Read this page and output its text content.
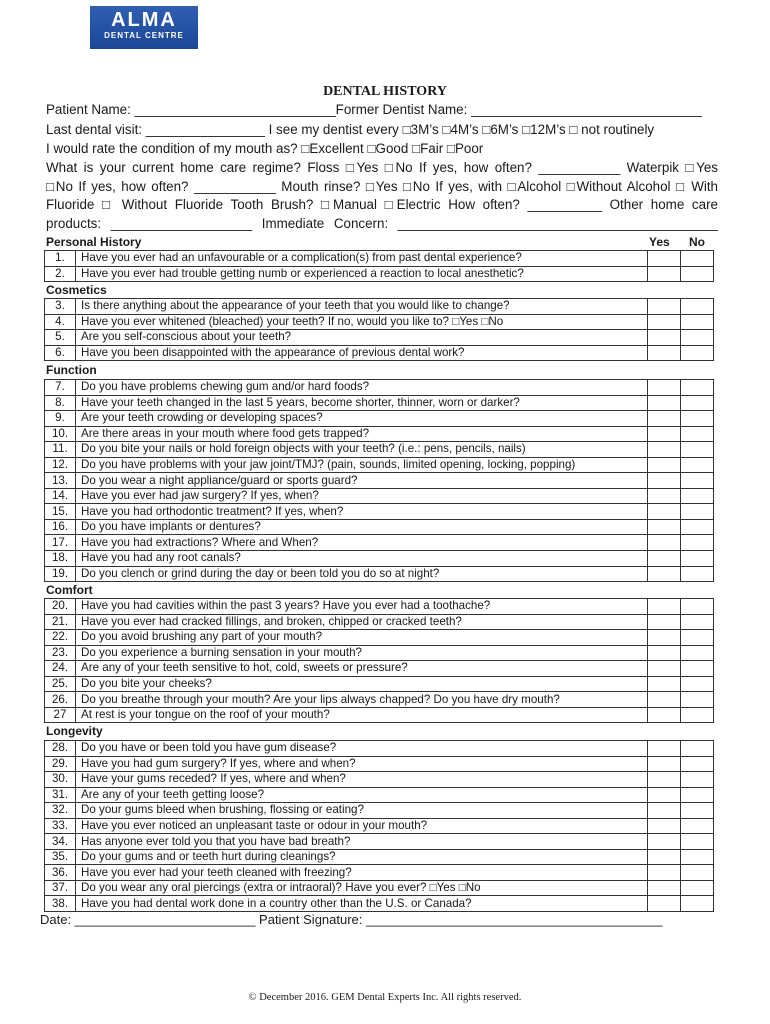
ALMA
DENTAL CENTRE
DENTAL HISTORY
Patient Name: ___________________________Former Dentist Name: _______________________________
Last dental visit: ________________ I see my dentist every □3M’s □4M’s □6M’s □12M’s □ not routinely
I would rate the condition of my mouth as? □Excellent □Good □Fair □Poor
What is your current home care regime? Floss □Yes □No If yes, how often? ___________ Waterpik □Yes
□No If yes, how often? ___________ Mouth rinse? □Yes □No If yes, with □Alcohol □Without Alcohol □ With
Fluoride □ Without Fluoride Tooth Brush? □Manual □Electric How often? __________ Other home care
products: ___________________ Immediate Concern: ___________________________________________
Personal History	Yes No
1.	Have you ever had an unfavourable or a complication(s) from past dental experience?		
2.	Have you ever had trouble getting numb or experienced a reaction to local anesthetic?		
Cosmetics
3.	Is there anything about the appearance of your teeth that you would like to change?		
4.	Have you ever whitened (bleached) your teeth? If no, would you like to? □Yes □No		
5.	Are you self-conscious about your teeth?		
6.	Have you been disappointed with the appearance of previous dental work?		
Function
7.	Do you have problems chewing gum and/or hard foods?		
8.	Have your teeth changed in the last 5 years, become shorter, thinner, worn or darker?		
9.	Are your teeth crowding or developing spaces?		
10.	Are there areas in your mouth where food gets trapped?		
11.	Do you bite your nails or hold foreign objects with your teeth? (i.e.: pens, pencils, nails)		
12.	Do you have problems with your jaw joint/TMJ? (pain, sounds, limited opening, locking, popping)		
13.	Do you wear a night appliance/guard or sports guard?		
14.	Have you ever had jaw surgery? If yes, when?		
15.	Have you had orthodontic treatment? If yes, when?		
16.	Do you have implants or dentures?		
17.	Have you had extractions? Where and When?		
18.	Have you had any root canals?		
19.	Do you clench or grind during the day or been told you do so at night?		
Comfort
20.	Have you had cavities within the past 3 years? Have you ever had a toothache?		
21.	Have you ever had cracked fillings, and broken, chipped or cracked teeth?		
22.	Do you avoid brushing any part of your mouth?		
23.	Do you experience a burning sensation in your mouth?		
24.	Are any of your teeth sensitive to hot, cold, sweets or pressure?		
25.	Do you bite your cheeks?		
26.	Do you breathe through your mouth? Are your lips always chapped? Do you have dry mouth?		
27	At rest is your tongue on the roof of your mouth?		
Longevity
28.	Do you have or been told you have gum disease?		
29.	Have you had gum surgery? If yes, where and when?		
30.	Have your gums receded? If yes, where and when?		
31.	Are any of your teeth getting loose?		
32.	Do your gums bleed when brushing, flossing or eating?		
33.	Have you ever noticed an unpleasant taste or odour in your mouth?		
34.	Has anyone ever told you that you have bad breath?		
35.	Do your gums and or teeth hurt during cleanings?		
36.	Have you ever had your teeth cleaned with freezing?		
37.	Do you wear any oral piercings (extra or intraoral)? Have you ever? □Yes □No		
38.	Have you had dental work done in a country other than the U.S. or Canada?		
Date: _________________________ Patient Signature: _________________________________________
© December 2016. GEM Dental Experts Inc. All rights reserved.
